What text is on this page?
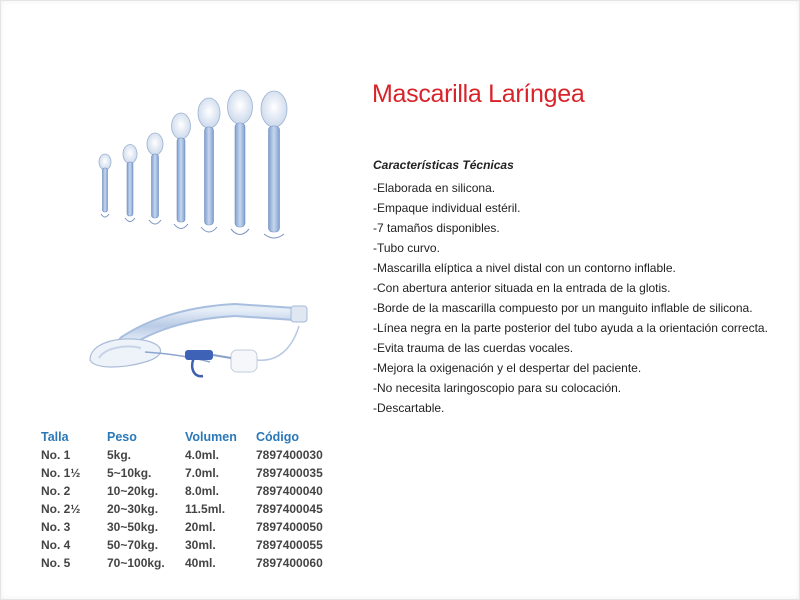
Mascarilla Laríngea
Características Técnicas
-Elaborada en silicona.
-Empaque individual estéril.
-7 tamaños disponibles.
-Tubo curvo.
-Mascarilla elíptica a nivel distal con un contorno inflable.
-Con abertura anterior situada en la entrada de la glotis.
-Borde de la mascarilla compuesto por un manguito inflable de silicona.
-Línea negra en la parte posterior del tubo ayuda a la orientación correcta.
-Evita trauma de las cuerdas vocales.
-Mejora la oxigenación y el despertar del paciente.
-No necesita laringoscopio para su colocación.
-Descartable.
Talla	Peso	Volumen	Código
No. 1	5kg.	4.0ml.	7897400030
No. 1½	5~10kg.	7.0ml.	7897400035
No. 2	10~20kg.	8.0ml.	7897400040
No. 2½	20~30kg.	11.5ml.	7897400045
No. 3	30~50kg.	20ml.	7897400050
No. 4	50~70kg.	30ml.	7897400055
No. 5	70~100kg.	40ml.	7897400060
